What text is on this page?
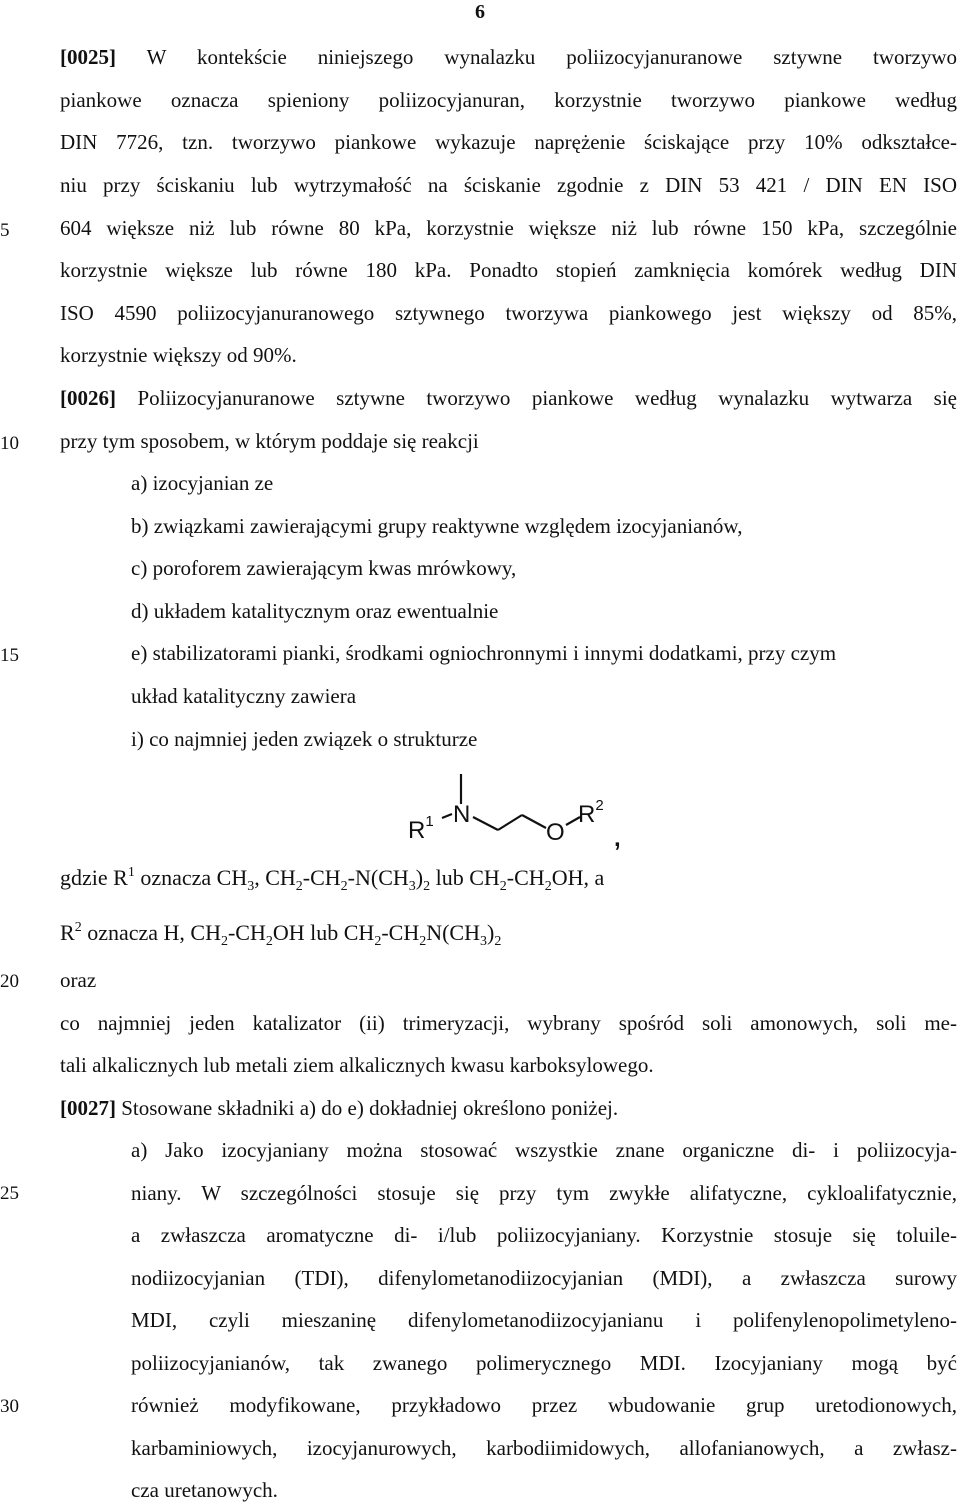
6
5
10
15
20
25
30
[0025] W kontekście niniejszego wynalazku poliizocyjanuranowe sztywne tworzywo
piankowe oznacza spieniony poliizocyjanuran, korzystnie tworzywo piankowe według
DIN 7726, tzn. tworzywo piankowe wykazuje naprężenie ściskające przy 10% odkształce-
niu przy ściskaniu lub wytrzymałość na ściskanie zgodnie z DIN 53 421 / DIN EN ISO
604 większe niż lub równe 80 kPa, korzystnie większe niż lub równe 150 kPa, szczególnie
korzystnie większe lub równe 180 kPa. Ponadto stopień zamknięcia komórek według DIN
ISO 4590 poliizocyjanuranowego sztywnego tworzywa piankowego jest większy od 85%,
korzystnie większy od 90%.
[0026] Poliizocyjanuranowe sztywne tworzywo piankowe według wynalazku wytwarza się
przy tym sposobem, w którym poddaje się reakcji
a) izocyjanian ze
b) związkami zawierającymi grupy reaktywne względem izocyjanianów,
c) poroforem zawierającym kwas mrówkowy,
d) układem katalitycznym oraz ewentualnie
e) stabilizatorami pianki, środkami ogniochronnymi i innymi dodatkami, przy czym
układ katalityczny zawiera
i) co najmniej jeden związek o strukturze
$R^1$ N
O
$R^2$
,
gdzie $R^1$ oznacza $CH_3$, $CH_2-CH_2-N(CH_3)_2$ lub $CH_2-CH_2OH$, a
$R^2$ oznacza H, $CH_2-CH_2OH$ lub $CH_2-CH_2N(CH_3)_2$
oraz
co najmniej jeden katalizator (ii) trimeryzacji, wybrany spośród soli amonowych, soli me-
tali alkalicznych lub metali ziem alkalicznych kwasu karboksylowego.
[0027] Stosowane składniki a) do e) dokładniej określono poniżej.
a) Jako izocyjaniany można stosować wszystkie znane organiczne di- i poliizocyja-
niany. W szczególności stosuje się przy tym zwykłe alifatyczne, cykloalifatycznie,
a zwłaszcza aromatyczne di- i/lub poliizocyjaniany. Korzystnie stosuje się toluile-
nodiizocyjanian (TDI), difenylometanodiizocyjanian (MDI), a zwłaszcza surowy
MDI, czyli mieszaninę difenylometanodiizocyjanianu i polifenylenopolimetyleno-
poliizocyjanianów, tak zwanego polimerycznego MDI. Izocyjaniany mogą być
również modyfikowane, przykładowo przez wbudowanie grup uretodionowych,
karbaminiowych, izocyjanurowych, karbodiimidowych, allofanianowych, a zwłasz-
cza uretanowych.
